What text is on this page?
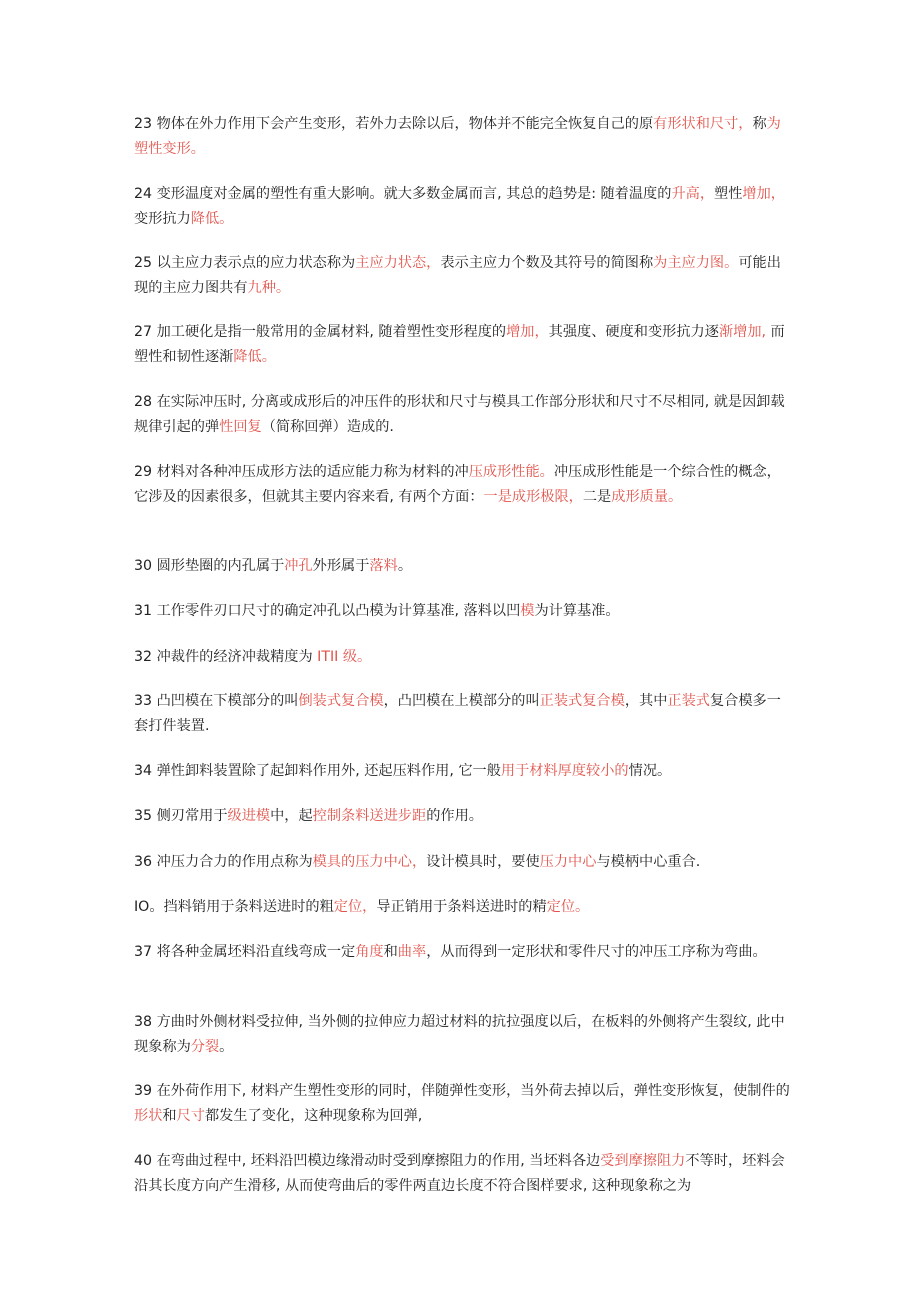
23 物体在外力作用下会产生变形，若外力去除以后，物体并不能完全恢复自己的原有形状和尺寸，称为塑性变形。

24 变形温度对金属的塑性有重大影响。就大多数金属而言, 其总的趋势是: 随着温度的升高，塑性增加，变形抗力降低。

25 以主应力表示点的应力状态称为主应力状态，表示主应力个数及其符号的简图称为主应力图。可能出现的主应力图共有九种。

27 加工硬化是指一般常用的金属材料, 随着塑性变形程度的增加，其强度、硬度和变形抗力逐渐增加, 而塑性和韧性逐渐降低。

28 在实际冲压时, 分离或成形后的冲压件的形状和尺寸与模具工作部分形状和尺寸不尽相同, 就是因卸载规律引起的弹性回复（简称回弹）造成的.

29 材料对各种冲压成形方法的适应能力称为材料的冲压成形性能。冲压成形性能是一个综合性的概念，它涉及的因素很多，但就其主要内容来看, 有两个方面：一是成形极限，二是成形质量。

30 圆形垫圈的内孔属于冲孔外形属于落料。

31 工作零件刃口尺寸的确定冲孔以凸模为计算基准, 落料以凹模为计算基准。

32 冲裁件的经济冲裁精度为 ITII 级。

33 凸凹模在下模部分的叫倒装式复合模，凸凹模在上模部分的叫正装式复合模，其中正装式复合模多一套打件装置.

34 弹性卸料装置除了起卸料作用外, 还起压料作用, 它一般用于材料厚度较小的情况。

35 侧刃常用于级进模中，起控制条料送进步距的作用。

36 冲压力合力的作用点称为模具的压力中心，设计模具时，要使压力中心与模柄中心重合.

IO。挡料销用于条料送进时的粗定位，导正销用于条料送进时的精定位。

37 将各种金属坯料沿直线弯成一定角度和曲率，从而得到一定形状和零件尺寸的冲压工序称为弯曲。

38 方曲时外侧材料受拉伸, 当外侧的拉伸应力超过材料的抗拉强度以后，在板料的外侧将产生裂纹, 此中现象称为分裂。

39 在外荷作用下, 材料产生塑性变形的同时，伴随弹性变形，当外荷去掉以后，弹性变形恢复，使制件的形状和尺寸都发生了变化，这种现象称为回弹,

40 在弯曲过程中, 坯料沿凹模边缘滑动时受到摩擦阻力的作用, 当坯料各边受到摩擦阻力不等时，坯料会沿其长度方向产生滑移, 从而使弯曲后的零件两直边长度不符合图样要求, 这种现象称之为
